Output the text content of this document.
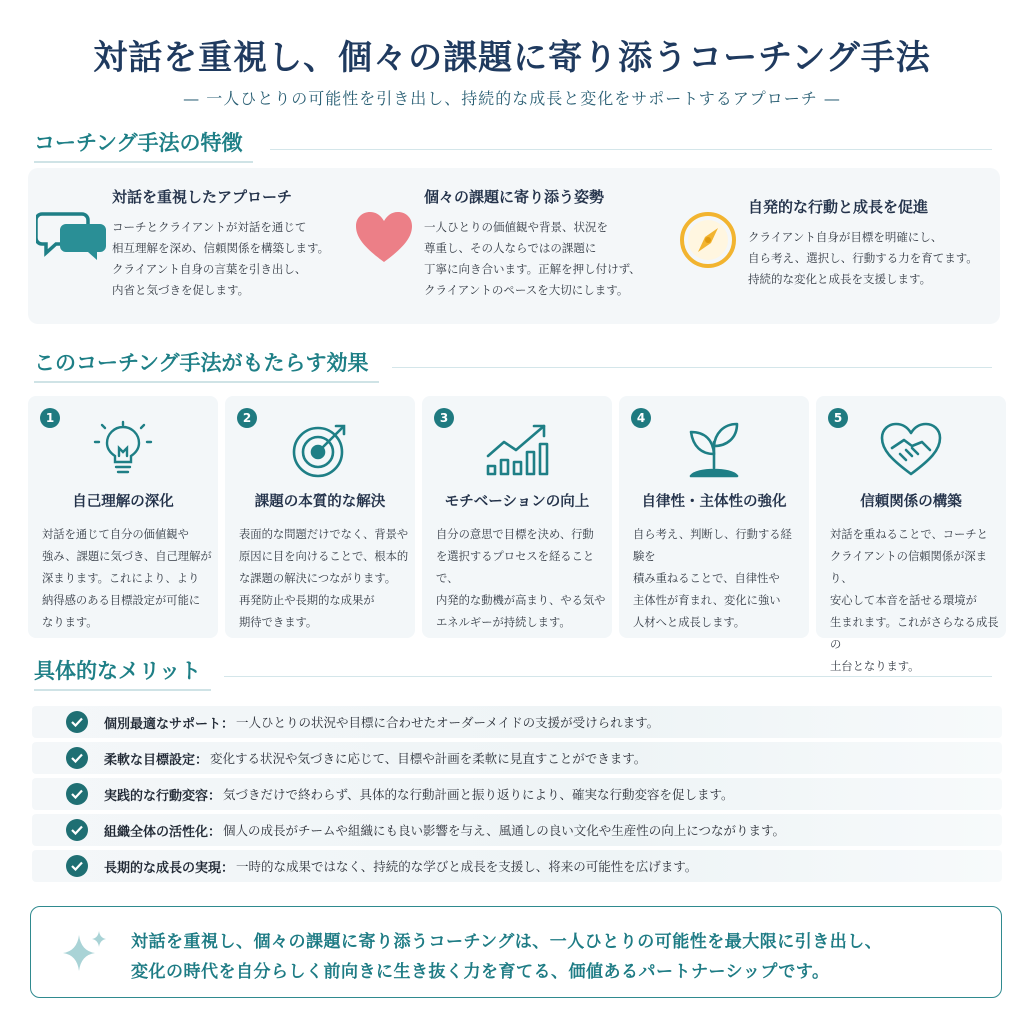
対話を重視し、個々の課題に寄り添うコーチング手法
— 一人ひとりの可能性を引き出し、持続的な成長と変化をサポートするアプローチ —
コーチング手法の特徴
対話を重視したアプローチ

コーチとクライアントが対話を通じて
相互理解を深め、信頼関係を構築します。
クライアント自身の言葉を引き出し、
内省と気づきを促します。

個々の課題に寄り添う姿勢

一人ひとりの価値観や背景、状況を
尊重し、その人ならではの課題に
丁寧に向き合います。正解を押し付けず、
クライアントのペースを大切にします。

自発的な行動と成長を促進

クライアント自身が目標を明確にし、
自ら考え、選択し、行動する力を育てます。
持続的な変化と成長を支援します。

このコーチング手法がもたらす効果
1
自己理解の深化

対話を通じて自分の価値観や
強み、課題に気づき、自己理解が
深まります。これにより、より
納得感のある目標設定が可能に
なります。

2
課題の本質的な解決

表面的な問題だけでなく、背景や
原因に目を向けることで、根本的
な課題の解決につながります。
再発防止や長期的な成果が
期待できます。

3
モチベーションの向上

自分の意思で目標を決め、行動
を選択するプロセスを経ることで、
内発的な動機が高まり、やる気や
エネルギーが持続します。

4
自律性・主体性の強化

自ら考え、判断し、行動する経験を
積み重ねることで、自律性や
主体性が育まれ、変化に強い
人材へと成長します。

5
信頼関係の構築

対話を重ねることで、コーチと
クライアントの信頼関係が深まり、
安心して本音を話せる環境が
生まれます。これがさらなる成長の
土台となります。

具体的なメリット
個別最適なサポート： 一人ひとりの状況や目標に合わせたオーダーメイドの支援が受けられます。
柔軟な目標設定： 変化する状況や気づきに応じて、目標や計画を柔軟に見直すことができます。
実践的な行動変容： 気づきだけで終わらず、具体的な行動計画と振り返りにより、確実な行動変容を促します。
組織全体の活性化： 個人の成長がチームや組織にも良い影響を与え、風通しの良い文化や生産性の向上につながります。
長期的な成長の実現： 一時的な成果ではなく、持続的な学びと成長を支援し、将来の可能性を広げます。

対話を重視し、個々の課題に寄り添うコーチングは、一人ひとりの可能性を最大限に引き出し、

変化の時代を自分らしく前向きに生き抜く力を育てる、価値あるパートナーシップです。
